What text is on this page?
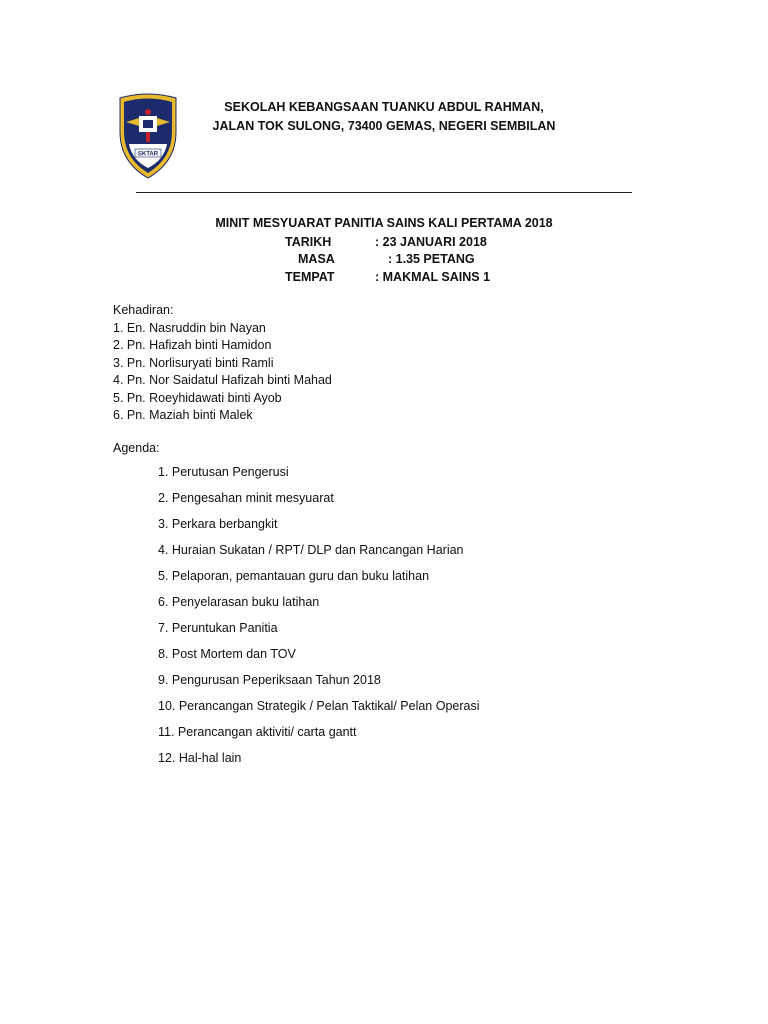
SKTAR
SEKOLAH KEBANGSAAN TUANKU ABDUL RAHMAN,
JALAN TOK SULONG, 73400 GEMAS, NEGERI SEMBILAN
MINIT MESYUARAT PANITIA SAINS KALI PERTAMA 2018
TARIKH	: 23 JANUARI 2018
MASA	: 1.35 PETANG
TEMPAT	: MAKMAL SAINS 1
Kehadiran:
1. En. Nasruddin bin Nayan
2. Pn. Hafizah binti Hamidon
3. Pn. Norlisuryati binti Ramli
4. Pn. Nor Saidatul Hafizah binti Mahad
5. Pn. Roeyhidawati binti Ayob
6. Pn. Maziah binti Malek
Agenda:
1. Perutusan Pengerusi
2. Pengesahan minit mesyuarat
3. Perkara berbangkit
4. Huraian Sukatan / RPT/ DLP dan Rancangan Harian
5. Pelaporan, pemantauan guru dan buku latihan
6. Penyelarasan buku latihan
7. Peruntukan Panitia
8. Post Mortem dan TOV
9. Pengurusan Peperiksaan Tahun 2018
10. Perancangan Strategik / Pelan Taktikal/ Pelan Operasi
11. Perancangan aktiviti/ carta gantt
12. Hal-hal lain
